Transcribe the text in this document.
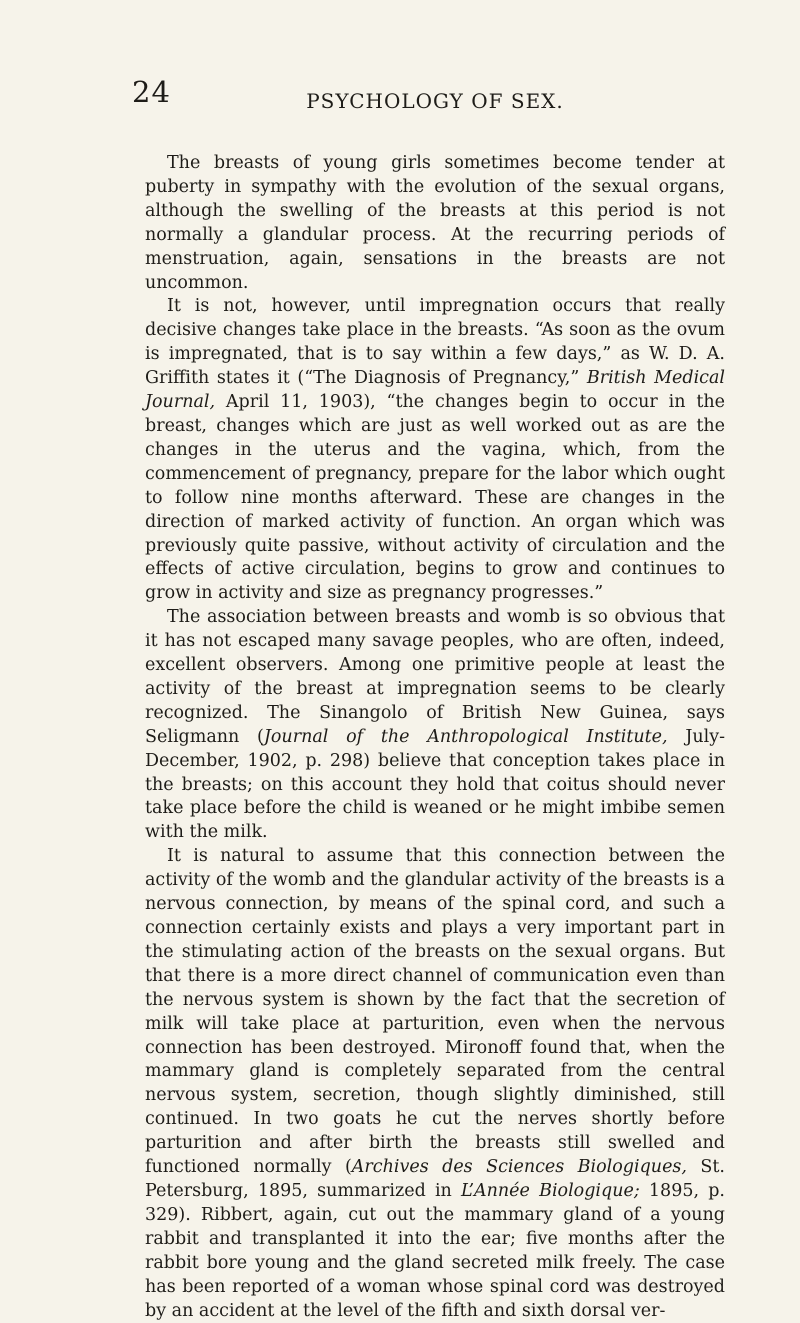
24	PSYCHOLOGY OF SEX.

The breasts of young girls sometimes become tender at puberty in sympathy with the evolution of the sexual organs, although the swelling of the breasts at this period is not normally a glandular process. At the recurring periods of menstruation, again, sensations in the breasts are not uncommon.

It is not, however, until impregnation occurs that really decisive changes take place in the breasts. “As soon as the ovum is impregnated, that is to say within a few days,” as W. D. A. Griffith states it (“The Diagnosis of Pregnancy,” British Medical Journal, April 11, 1903), “the changes begin to occur in the breast, changes which are just as well worked out as are the changes in the uterus and the vagina, which, from the commencement of pregnancy, prepare for the labor which ought to follow nine months afterward. These are changes in the direction of marked activity of function. An organ which was previously quite passive, without activity of circulation and the effects of active circulation, begins to grow and continues to grow in activity and size as pregnancy progresses.”

The association between breasts and womb is so obvious that it has not escaped many savage peoples, who are often, indeed, excellent observers. Among one primitive people at least the activity of the breast at impregnation seems to be clearly recognized. The Sinangolo of British New Guinea, says Seligmann (Journal of the Anthropological Institute, July-December, 1902, p. 298) believe that conception takes place in the breasts; on this account they hold that coitus should never take place before the child is weaned or he might imbibe semen with the milk.

It is natural to assume that this connection between the activity of the womb and the glandular activity of the breasts is a nervous connection, by means of the spinal cord, and such a connection certainly exists and plays a very important part in the stimulating action of the breasts on the sexual organs. But that there is a more direct channel of communication even than the nervous system is shown by the fact that the secretion of milk will take place at parturition, even when the nervous connection has been destroyed. Mironoff found that, when the mammary gland is completely separated from the central nervous system, secretion, though slightly diminished, still continued. In two goats he cut the nerves shortly before parturition and after birth the breasts still swelled and functioned normally (Archives des Sciences Biologiques, St. Petersburg, 1895, summarized in L’Année Biologique; 1895, p. 329). Ribbert, again, cut out the mammary gland of a young rabbit and transplanted it into the ear; five months after the rabbit bore young and the gland secreted milk freely. The case has been reported of a woman whose spinal cord was destroyed by an accident at the level of the fifth and sixth dorsal ver-
